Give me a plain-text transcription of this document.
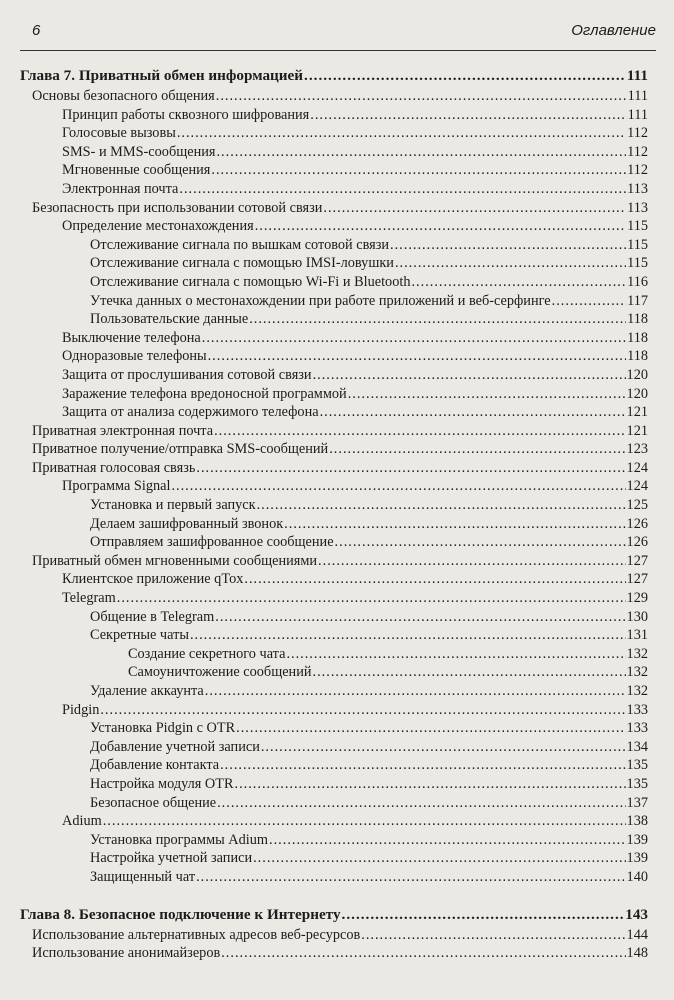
6	Оглавление
Глава 7. Приватный обмен информацией .....	111
Основы безопасного общения .....	111
Принцип работы сквозного шифрования .....	111
Голосовые вызовы .....	112
SMS- и MMS-сообщения .....	112
Мгновенные сообщения .....	112
Электронная почта .....	113
Безопасность при использовании сотовой связи .....	113
Определение местонахождения .....	115
Отслеживание сигнала по вышкам сотовой связи .....	115
Отслеживание сигнала с помощью IMSI-ловушки .....	115
Отслеживание сигнала с помощью Wi-Fi и Bluetooth .....	116
Утечка данных о местонахождении при работе приложений и веб-серфинге .....	117
Пользовательские данные .....	118
Выключение телефона .....	118
Одноразовые телефоны .....	118
Защита от прослушивания сотовой связи .....	120
Заражение телефона вредоносной программой .....	120
Защита от анализа содержимого телефона .....	121
Приватная электронная почта .....	121
Приватное получение/отправка SMS-сообщений .....	123
Приватная голосовая связь .....	124
Программа Signal .....	124
Установка и первый запуск .....	125
Делаем зашифрованный звонок .....	126
Отправляем зашифрованное сообщение .....	126
Приватный обмен мгновенными сообщениями .....	127
Клиентское приложение qTox .....	127
Telegram .....	129
Общение в Telegram .....	130
Секретные чаты .....	131
Создание секретного чата .....	132
Самоуничтожение сообщений .....	132
Удаление аккаунта .....	132
Pidgin .....	133
Установка Pidgin с OTR .....	133
Добавление учетной записи .....	134
Добавление контакта .....	135
Настройка модуля OTR .....	135
Безопасное общение .....	137
Adium .....	138
Установка программы Adium .....	139
Настройка учетной записи .....	139
Защищенный чат .....	140
Глава 8. Безопасное подключение к Интернету .....	143
Использование альтернативных адресов веб-ресурсов .....	144
Использование анонимайзеров .....	148
